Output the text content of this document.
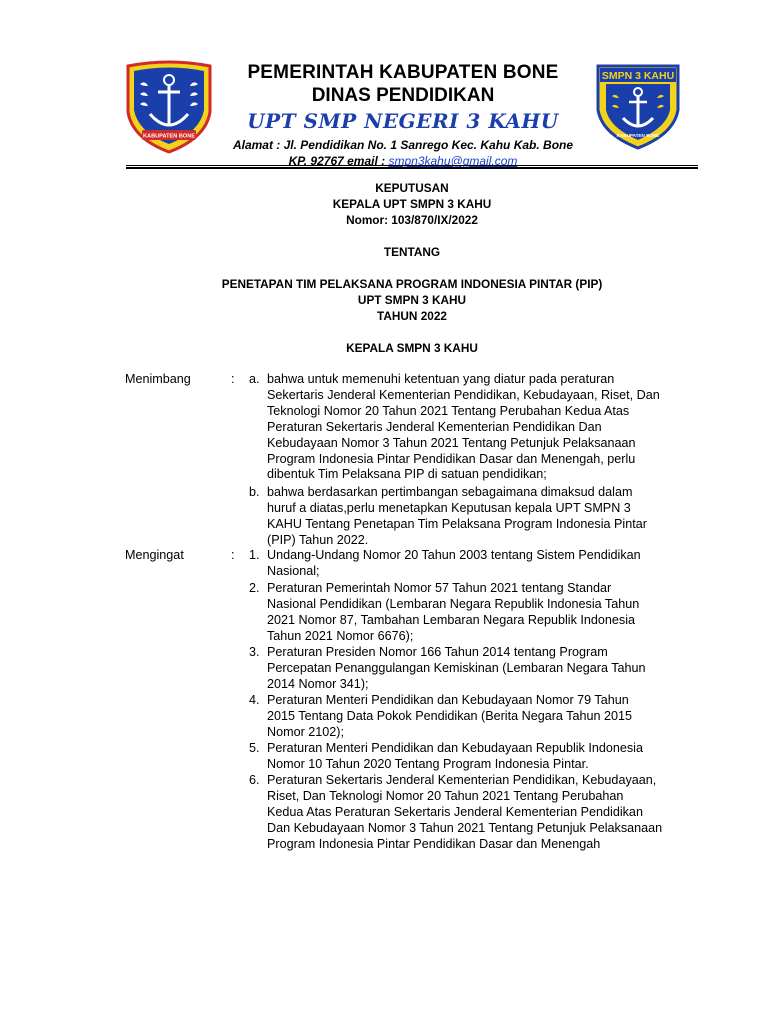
KABUPATEN BONE
PEMERINTAH KABUPATEN BONE
DINAS PENDIDIKAN
UPT SMP NEGERI 3 KAHU
Alamat : Jl. Pendidikan No. 1 Sanrego Kec. Kahu Kab. Bone
KP. 92767 email : smpn3kahu@gmail.com
SMPN 3 KAHU
KABUPATEN BONE
KEPUTUSAN
KEPALA UPT SMPN 3 KAHU
Nomor: 103/870/IX/2022
TENTANG
PENETAPAN TIM PELAKSANA PROGRAM INDONESIA PINTAR (PIP)
UPT SMPN 3 KAHU
TAHUN 2022
KEPALA SMPN 3 KAHU
Menimbang	: a. bahwa untuk memenuhi ketentuan yang diatur pada peraturan
Sekertaris Jenderal Kementerian Pendidikan, Kebudayaan, Riset, Dan
Teknologi Nomor 20 Tahun 2021 Tentang Perubahan Kedua Atas
Peraturan Sekertaris Jenderal Kementerian Pendidikan Dan
Kebudayaan Nomor 3 Tahun 2021 Tentang Petunjuk Pelaksanaan
Program Indonesia Pintar Pendidikan Dasar dan Menengah, perlu
dibentuk Tim Pelaksana PIP di satuan pendidikan;
b. bahwa berdasarkan pertimbangan sebagaimana dimaksud dalam
huruf a diatas,perlu menetapkan Keputusan kepala UPT SMPN 3
KAHU Tentang Penetapan Tim Pelaksana Program Indonesia Pintar
(PIP) Tahun 2022.
Mengingat	: 1. Undang-Undang Nomor 20 Tahun 2003 tentang Sistem Pendidikan
Nasional;
2. Peraturan Pemerintah Nomor 57 Tahun 2021 tentang Standar
Nasional Pendidikan (Lembaran Negara Republik Indonesia Tahun
2021 Nomor 87, Tambahan Lembaran Negara Republik Indonesia
Tahun 2021 Nomor 6676);
3. Peraturan Presiden Nomor 166 Tahun 2014 tentang Program
Percepatan Penanggulangan Kemiskinan (Lembaran Negara Tahun
2014 Nomor 341);
4. Peraturan Menteri Pendidikan dan Kebudayaan Nomor 79 Tahun
2015 Tentang Data Pokok Pendidikan (Berita Negara Tahun 2015
Nomor 2102);
5. Peraturan Menteri Pendidikan dan Kebudayaan Republik Indonesia
Nomor 10 Tahun 2020 Tentang Program Indonesia Pintar.
6. Peraturan Sekertaris Jenderal Kementerian Pendidikan, Kebudayaan,
Riset, Dan Teknologi Nomor 20 Tahun 2021 Tentang Perubahan
Kedua Atas Peraturan Sekertaris Jenderal Kementerian Pendidikan
Dan Kebudayaan Nomor 3 Tahun 2021 Tentang Petunjuk Pelaksanaan
Program Indonesia Pintar Pendidikan Dasar dan Menengah
